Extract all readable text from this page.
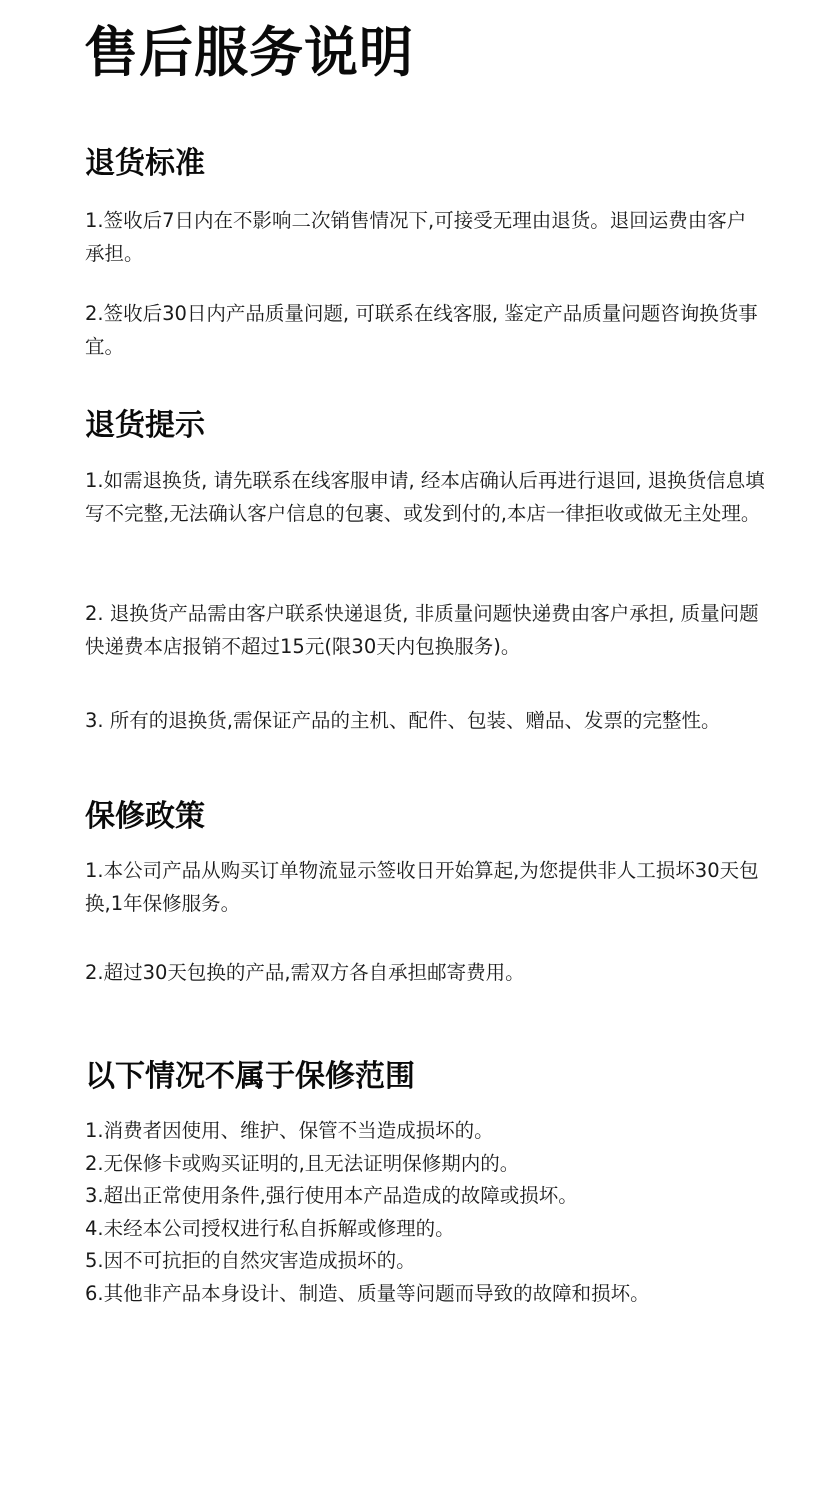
售后服务说明
退货标准

1.签收后7日内在不影响二次销售情况下,可接受无理由退货。退回运费由客户承担。

2.签收后30日内产品质量问题, 可联系在线客服, 鉴定产品质量问题咨询换货事宜。

退货提示

1.如需退换货, 请先联系在线客服申请, 经本店确认后再进行退回, 退换货信息填写不完整,无法确认客户信息的包裹、或发到付的,本店一律拒收或做无主处理。

2. 退换货产品需由客户联系快递退货, 非质量问题快递费由客户承担, 质量问题快递费本店报销不超过15元(限30天内包换服务)。

3. 所有的退换货,需保证产品的主机、配件、包装、赠品、发票的完整性。

保修政策

1.本公司产品从购买订单物流显示签收日开始算起,为您提供非人工损坏30天包换,1年保修服务。

2.超过30天包换的产品,需双方各自承担邮寄费用。

以下情况不属于保修范围
1.消费者因使用、维护、保管不当造成损坏的。
2.无保修卡或购买证明的,且无法证明保修期内的。
3.超出正常使用条件,强行使用本产品造成的故障或损坏。
4.未经本公司授权进行私自拆解或修理的。
5.因不可抗拒的自然灾害造成损坏的。
6.其他非产品本身设计、制造、质量等问题而导致的故障和损坏。
